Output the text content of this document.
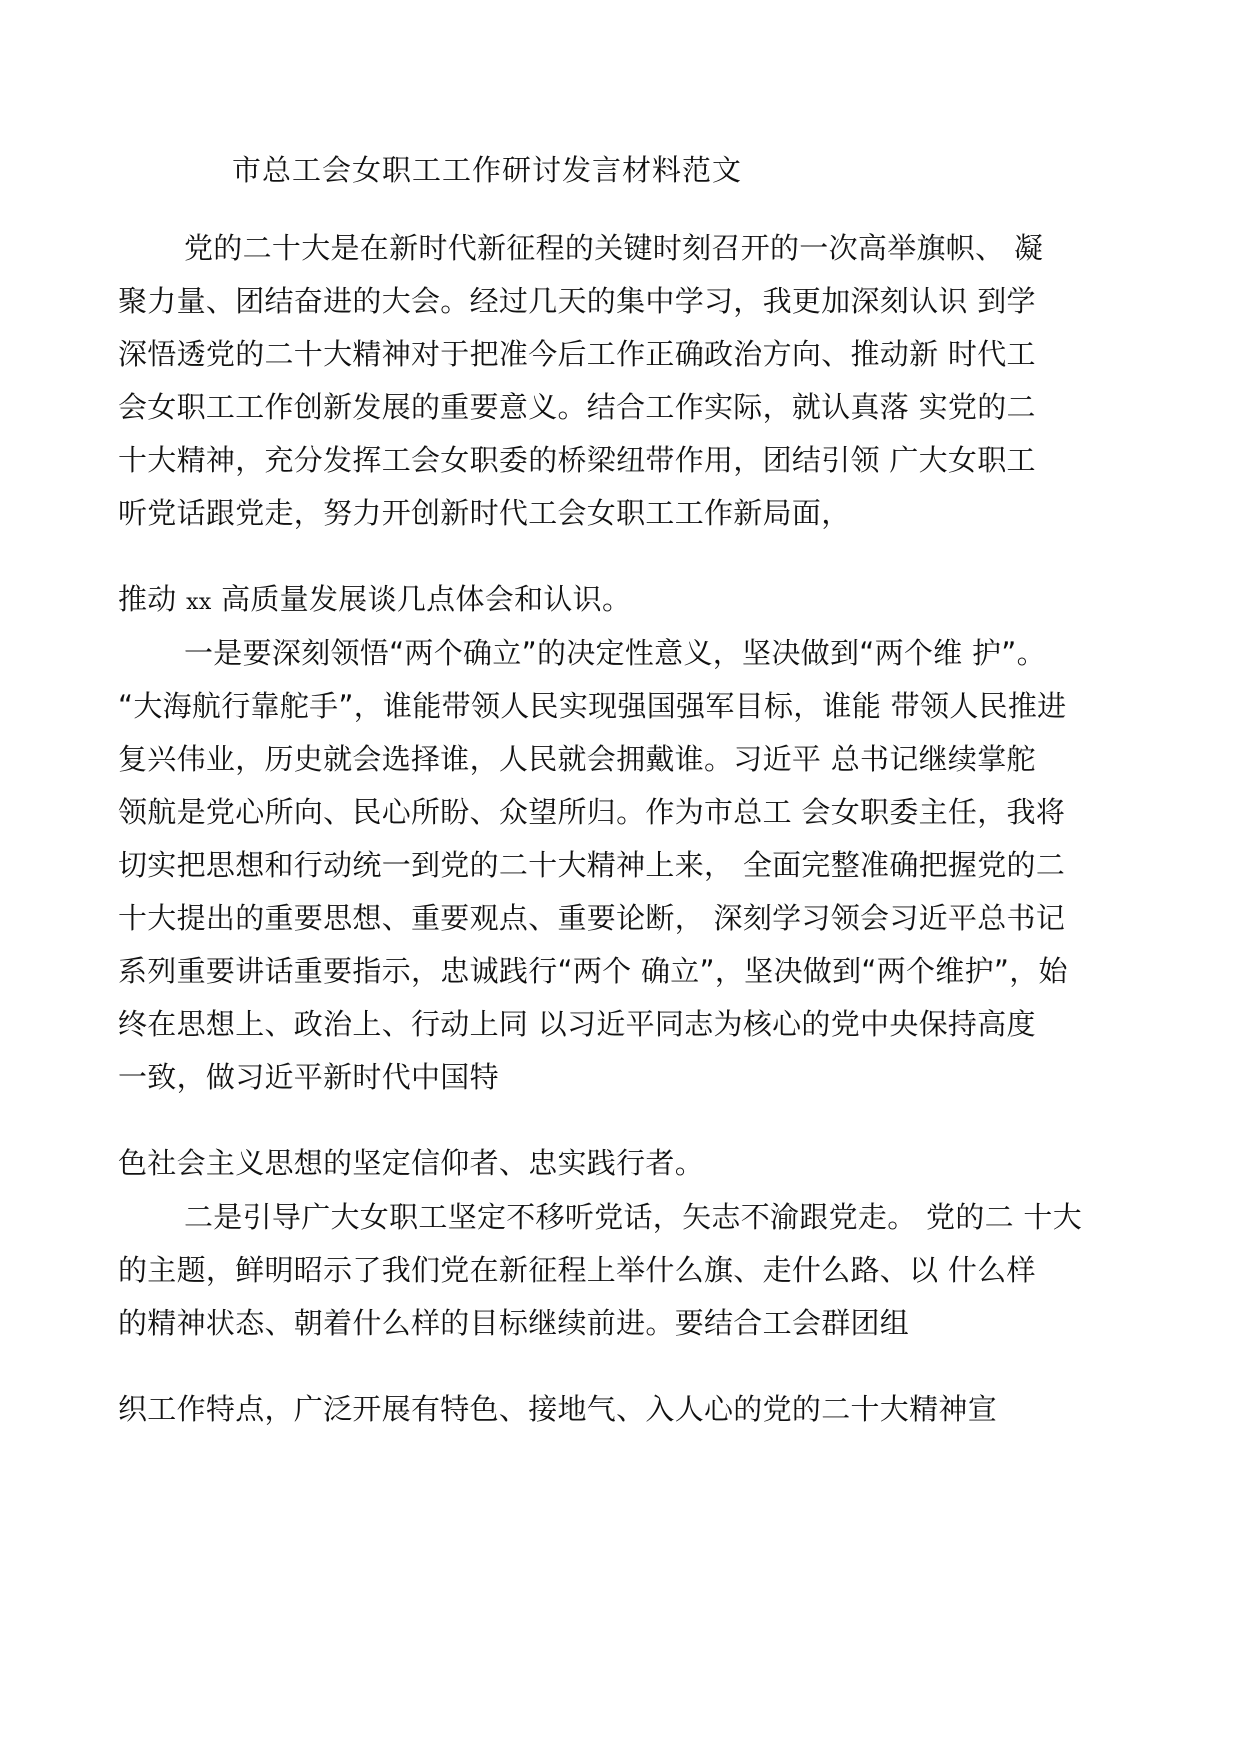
市总工会女职工工作研讨发言材料范文

党的二十大是在新时代新征程的关键时刻召开的一次高举旗帜、 凝

聚力量、团结奋进的大会。经过几天的集中学习，我更加深刻认识 到学

深悟透党的二十大精神对于把准今后工作正确政治方向、推动新 时代工

会女职工工作创新发展的重要意义。结合工作实际，就认真落 实党的二

十大精神，充分发挥工会女职委的桥梁纽带作用，团结引领 广大女职工

听党话跟党走，努力开创新时代工会女职工工作新局面，

推动 xx 高质量发展谈几点体会和认识。

一是要深刻领悟“两个确立”的决定性意义，坚决做到“两个维 护”。

“大海航行靠舵手”，谁能带领人民实现强国强军目标，谁能 带领人民推进

复兴伟业，历史就会选择谁，人民就会拥戴谁。习近平 总书记继续掌舵

领航是党心所向、民心所盼、众望所归。作为市总工 会女职委主任，我将

切实把思想和行动统一到党的二十大精神上来， 全面完整准确把握党的二

十大提出的重要思想、重要观点、重要论断， 深刻学习领会习近平总书记

系列重要讲话重要指示，忠诚践行“两个 确立”，坚决做到“两个维护”，始

终在思想上、政治上、行动上同 以习近平同志为核心的党中央保持高度

一致，做习近平新时代中国特

色社会主义思想的坚定信仰者、忠实践行者。

二是引导广大女职工坚定不移听党话，矢志不渝跟党走。 党的二 十大

的主题，鲜明昭示了我们党在新征程上举什么旗、走什么路、以 什么样

的精神状态、朝着什么样的目标继续前进。要结合工会群团组

织工作特点，广泛开展有特色、接地气、入人心的党的二十大精神宣
